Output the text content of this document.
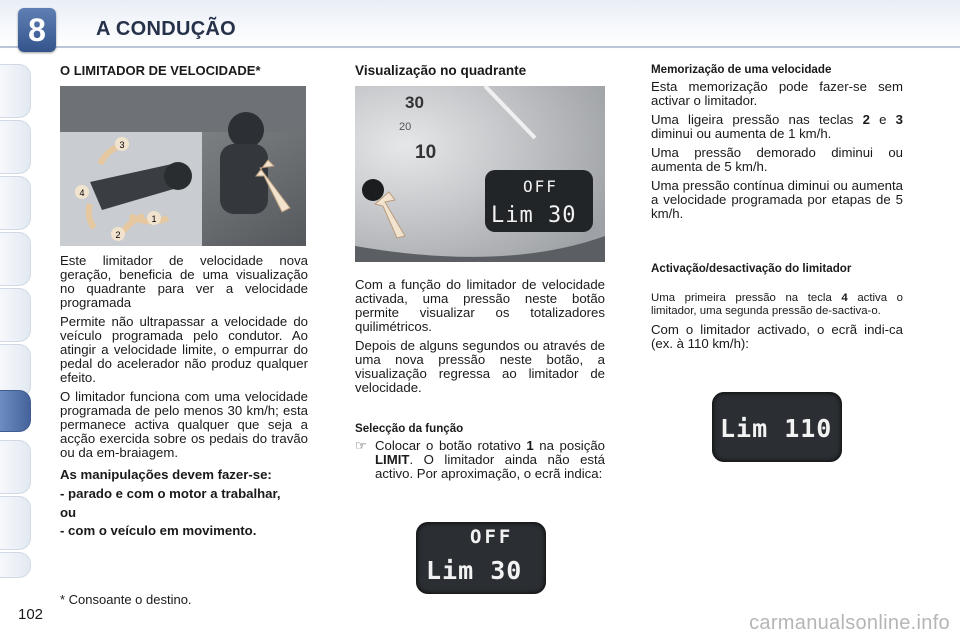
8	A CONDUÇÃO
O LIMITADOR DE VELOCIDADE*
3
4
1
2

Este limitador de velocidade nova geração, beneficia de uma visualização no quadrante para ver a velocidade programada

Permite não ultrapassar a velocidade do veículo programada pelo condutor. Ao atingir a velocidade limite, o empurrar do pedal do acelerador não produz qualquer efeito.

O limitador funciona com uma velocidade programada de pelo menos 30 km/h; esta permanece activa qualquer que seja a acção exercida sobre os pedais do travão ou da em-braiagem.

As manipulações devem fazer-se:

- parado e com o motor a trabalhar,

ou

- com o veículo em movimento.

Visualização no quadrante
30
20
10
OFF
Lim 30

Com a função do limitador de velocidade activada, uma pressão neste botão permite visualizar os totalizadores quilimétricos.

Depois de alguns segundos ou através de uma nova pressão neste botão, a visualização regressa ao limitador de velocidade.

Selecção da função

☞ Colocar o botão rotativo 1 na posição LIMIT. O limitador ainda não está activo. Por aproximação, o ecrã indica:

OFF
Lim 30
Memorização de uma velocidade

Esta memorização pode fazer-se sem activar o limitador.

Uma ligeira pressão nas teclas 2 e 3 diminui ou aumenta de 1 km/h.

Uma pressão demorado diminui ou aumenta de 5 km/h.

Uma pressão contínua diminui ou aumenta a velocidade programada por etapas de 5 km/h.

Activação/desactivação do limitador

Uma primeira pressão na tecla 4 activa o limitador, uma segunda pressão de-sactiva-o.

Com o limitador activado, o ecrã indi-ca (ex. à 110 km/h):

Lim 110
* Consoante o destino.
102	carmanualsonline.info
